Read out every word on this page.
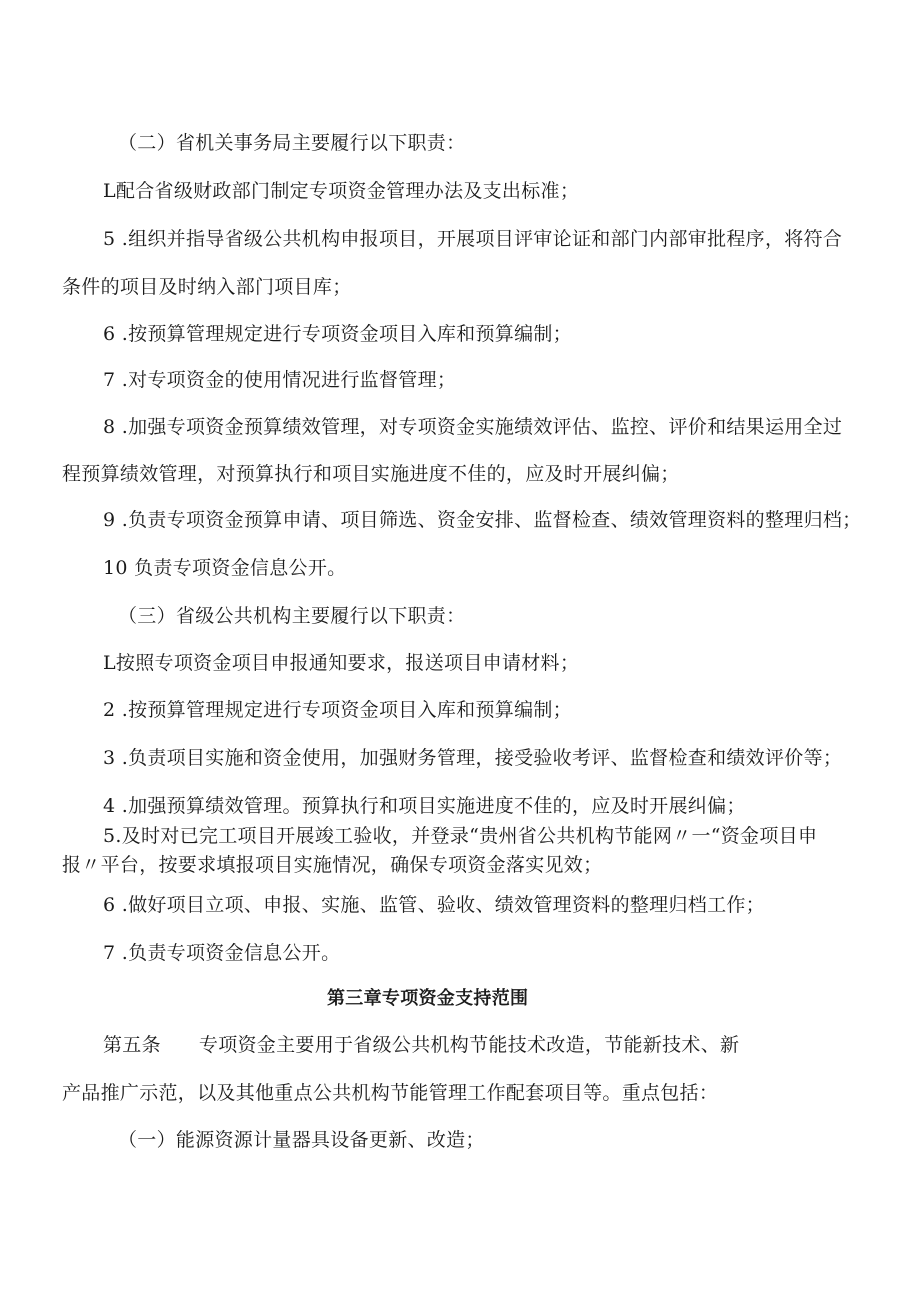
（二）省机关事务局主要履行以下职责：
L配合省级财政部门制定专项资金管理办法及支出标准；
5 .组织并指导省级公共机构申报项目，开展项目评审论证和部门内部审批程序，将符合
条件的项目及时纳入部门项目库；
6 .按预算管理规定进行专项资金项目入库和预算编制；
7 .对专项资金的使用情况进行监督管理；
8 .加强专项资金预算绩效管理，对专项资金实施绩效评估、监控、评价和结果运用全过
程预算绩效管理，对预算执行和项目实施进度不佳的，应及时开展纠偏；
9 .负责专项资金预算申请、项目筛选、资金安排、监督检查、绩效管理资料的整理归档；
10 负责专项资金信息公开。
（三）省级公共机构主要履行以下职责：
L按照专项资金项目申报通知要求，报送项目申请材料；
2 .按预算管理规定进行专项资金项目入库和预算编制；
3 .负责项目实施和资金使用，加强财务管理，接受验收考评、监督检查和绩效评价等；
4 .加强预算绩效管理。预算执行和项目实施进度不佳的，应及时开展纠偏；
5.及时对已完工项目开展竣工验收，并登录“贵州省公共机构节能网〃一“资金项目申
报〃平台，按要求填报项目实施情况，确保专项资金落实见效；
6 .做好项目立项、申报、实施、监管、验收、绩效管理资料的整理归档工作；
7 .负责专项资金信息公开。
第三章专项资金支持范围
第五条 专项资金主要用于省级公共机构节能技术改造，节能新技术、新
产品推广示范，以及其他重点公共机构节能管理工作配套项目等。重点包括：
（一）能源资源计量器具设备更新、改造；
